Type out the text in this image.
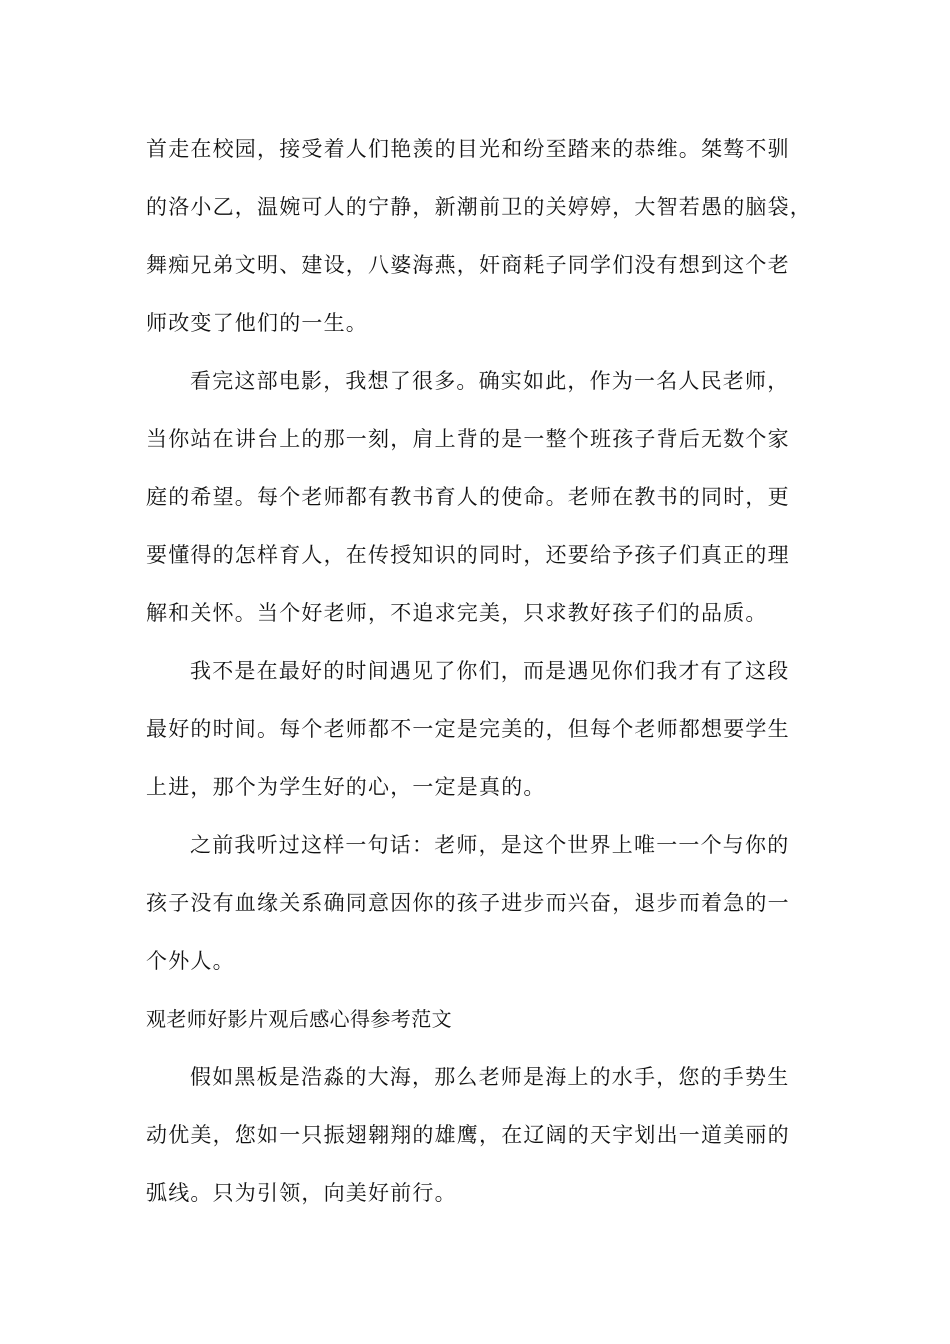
首走在校园，接受着人们艳羡的目光和纷至踏来的恭维。桀骜不驯
的洛小乙，温婉可人的宁静，新潮前卫的关婷婷，大智若愚的脑袋，
舞痴兄弟文明、建设，八婆海燕，奸商耗子同学们没有想到这个老
师改变了他们的一生。
看完这部电影，我想了很多。确实如此，作为一名人民老师，
当你站在讲台上的那一刻，肩上背的是一整个班孩子背后无数个家
庭的希望。每个老师都有教书育人的使命。老师在教书的同时，更
要懂得的怎样育人，在传授知识的同时，还要给予孩子们真正的理
解和关怀。当个好老师，不追求完美，只求教好孩子们的品质。
我不是在最好的时间遇见了你们，而是遇见你们我才有了这段
最好的时间。每个老师都不一定是完美的，但每个老师都想要学生
上进，那个为学生好的心，一定是真的。
之前我听过这样一句话：老师，是这个世界上唯一一个与你的
孩子没有血缘关系确同意因你的孩子进步而兴奋，退步而着急的一
个外人。
观老师好影片观后感心得参考范文
假如黑板是浩淼的大海，那么老师是海上的水手，您的手势生
动优美，您如一只振翅翱翔的雄鹰，在辽阔的天宇划出一道美丽的
弧线。只为引领，向美好前行。
